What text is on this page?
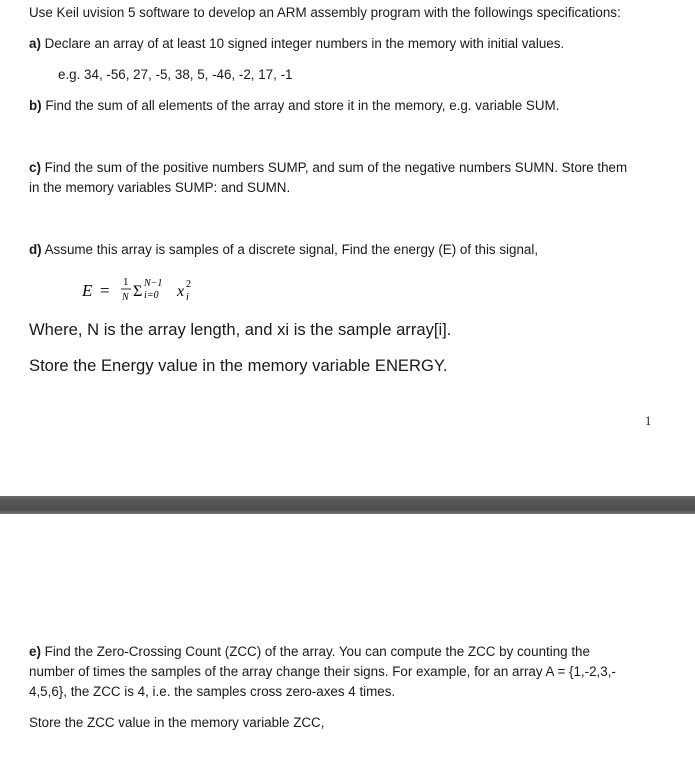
Use Keil uvision 5 software to develop an ARM assembly program with the followings specifications:
a) Declare an array of at least 10 signed integer numbers in the memory with initial values.
e.g. 34, -56, 27, -5, 38, 5, -46, -2, 17, -1
b) Find the sum of all elements of the array and store it in the memory, e.g. variable SUM.
c) Find the sum of the positive numbers SUMP, and sum of the negative numbers SUMN. Store them
in the memory variables SUMP: and SUMN.
d) Assume this array is samples of a discrete signal, Find the energy (E) of this signal,
E = 1
N Σ N−1
i=0 x 2
i
Where, N is the array length, and xi is the sample array[i].
Store the Energy value in the memory variable ENERGY.
1
e) Find the Zero-Crossing Count (ZCC) of the array. You can compute the ZCC by counting the
number of times the samples of the array change their signs. For example, for an array A = {1,-2,3,-
4,5,6}, the ZCC is 4, i.e. the samples cross zero-axes 4 times.
Store the ZCC value in the memory variable ZCC,
